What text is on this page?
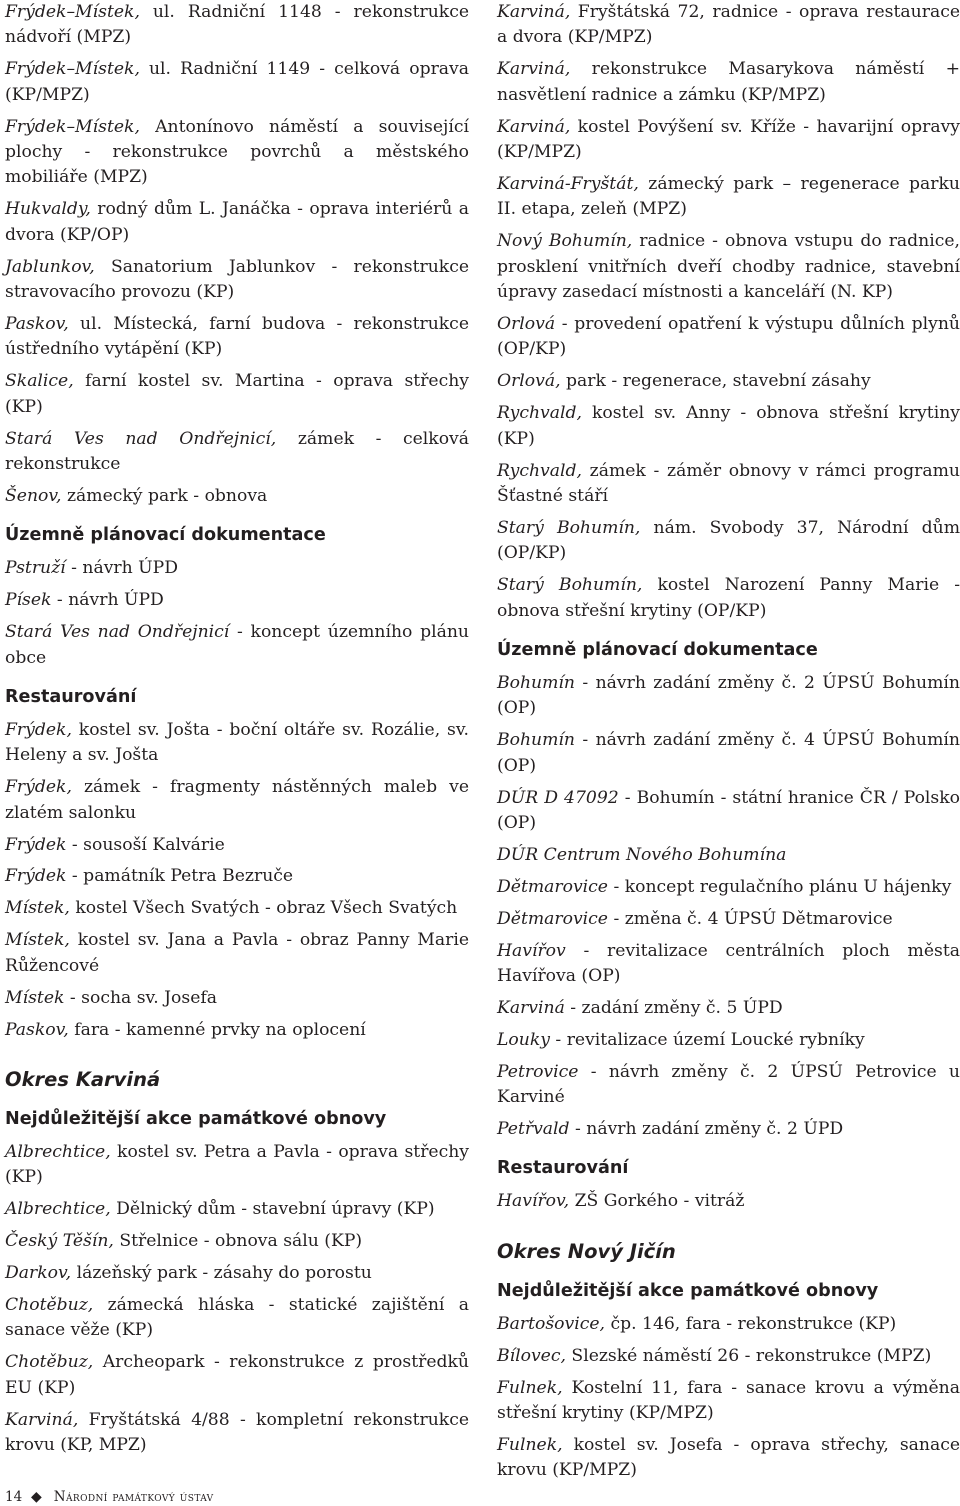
Frýdek–Místek, ul. Radniční 1148 - rekonstrukce nádvoří (MPZ)

Frýdek–Místek, ul. Radniční 1149 - celková oprava (KP/MPZ)

Frýdek–Místek, Antonínovo náměstí a související plochy - rekonstrukce povrchů a městského mobiliáře (MPZ)

Hukvaldy, rodný dům L. Janáčka - oprava interiérů a dvora (KP/OP)

Jablunkov, Sanatorium Jablunkov - rekonstrukce stravovacího provozu (KP)

Paskov, ul. Místecká, farní budova - rekonstrukce ústředního vytápění (KP)

Skalice, farní kostel sv. Martina - oprava střechy (KP)

Stará Ves nad Ondřejnicí, zámek - celková rekonstrukce

Šenov, zámecký park - obnova

Územně plánovací dokumentace

Pstruží - návrh ÚPD

Písek - návrh ÚPD

Stará Ves nad Ondřejnicí - koncept územního plánu obce

Restaurování

Frýdek, kostel sv. Jošta - boční oltáře sv. Rozálie, sv. Heleny a sv. Jošta

Frýdek, zámek - fragmenty nástěnných maleb ve zlatém salonku

Frýdek - sousoší Kalvárie

Frýdek - památník Petra Bezruče

Místek, kostel Všech Svatých - obraz Všech Svatých

Místek, kostel sv. Jana a Pavla - obraz Panny Marie Růžencové

Místek - socha sv. Josefa

Paskov, fara - kamenné prvky na oplocení

Okres Karviná
Nejdůležitější akce památkové obnovy

Albrechtice, kostel sv. Petra a Pavla - oprava střechy (KP)

Albrechtice, Dělnický dům - stavební úpravy (KP)

Český Těšín, Střelnice - obnova sálu (KP)

Darkov, lázeňský park - zásahy do porostu

Chotěbuz, zámecká hláska - statické zajištění a sanace věže (KP)

Chotěbuz, Archeopark - rekonstrukce z prostředků EU (KP)

Karviná, Fryštátská 4/88 - kompletní rekonstrukce krovu (KP, MPZ)

Karviná, Fryštátská 72, radnice - oprava restaurace a dvora (KP/MPZ)

Karviná, rekonstrukce Masarykova náměstí + nasvětlení radnice a zámku (KP/MPZ)

Karviná, kostel Povýšení sv. Kříže - havarijní opravy (KP/MPZ)

Karviná-Fryštát, zámecký park – regenerace parku II. etapa, zeleň (MPZ)

Nový Bohumín, radnice - obnova vstupu do radnice, prosklení vnitřních dveří chodby radnice, stavební úpravy zasedací místnosti a kanceláří (N. KP)

Orlová - provedení opatření k výstupu důlních plynů (OP/KP)

Orlová, park - regenerace, stavební zásahy

Rychvald, kostel sv. Anny - obnova střešní krytiny (KP)

Rychvald, zámek - záměr obnovy v rámci programu Šťastné stáří

Starý Bohumín, nám. Svobody 37, Národní dům (OP/KP)

Starý Bohumín, kostel Narození Panny Marie - obnova střešní krytiny (OP/KP)

Územně plánovací dokumentace

Bohumín - návrh zadání změny č. 2 ÚPSÚ Bohumín (OP)

Bohumín - návrh zadání změny č. 4 ÚPSÚ Bohumín (OP)

DÚR D 47092 - Bohumín - státní hranice ČR / Polsko (OP)

DÚR Centrum Nového Bohumína

Dětmarovice - koncept regulačního plánu U hájenky

Dětmarovice - změna č. 4 ÚPSÚ Dětmarovice

Havířov - revitalizace centrálních ploch města Havířova (OP)

Karviná - zadání změny č. 5 ÚPD

Louky - revitalizace území Loucké rybníky

Petrovice - návrh změny č. 2 ÚPSÚ Petrovice u Karviné

Petřvald - návrh zadání změny č. 2 ÚPD

Restaurování

Havířov, ZŠ Gorkého - vitráž

Okres Nový Jičín
Nejdůležitější akce památkové obnovy

Bartošovice, čp. 146, fara - rekonstrukce (KP)

Bílovec, Slezské náměstí 26 - rekonstrukce (MPZ)

Fulnek, Kostelní 11, fara - sanace krovu a výměna střešní krytiny (KP/MPZ)

Fulnek, kostel sv. Josefa - oprava střechy, sanace krovu (KP/MPZ)

14 ◆ Národní památkový ústav
